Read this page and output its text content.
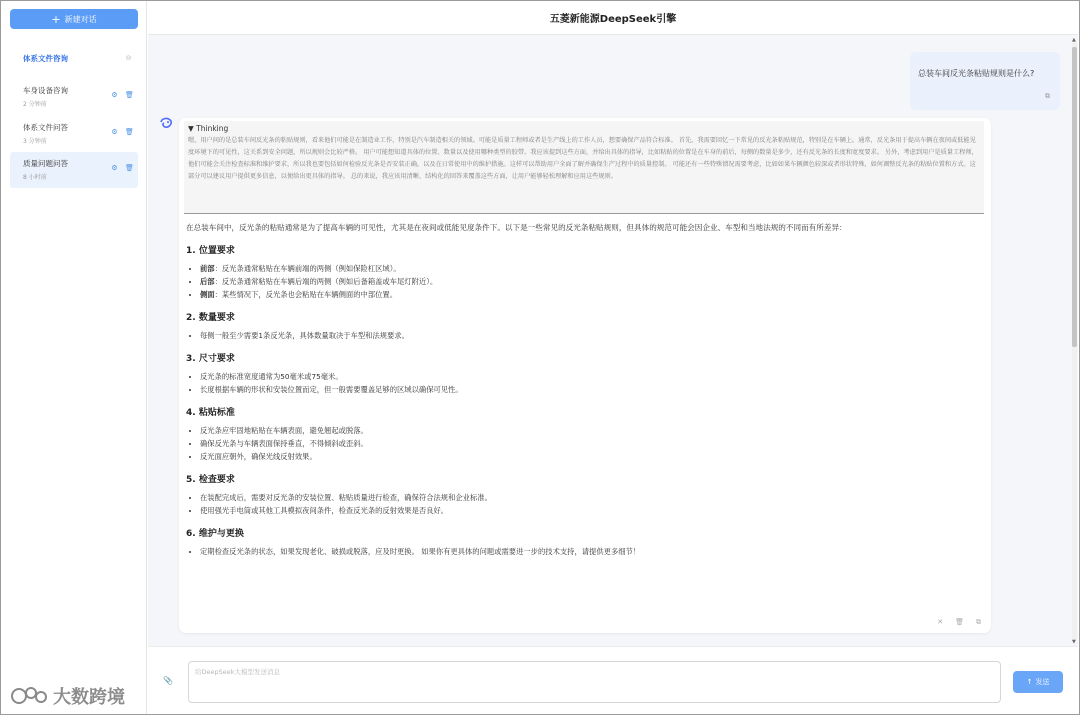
+ 新建对话
体系文件咨询	⊖
车身设备咨询
2 分钟前
⚙ 🗑
体系文件问答
3 分钟前
⚙ 🗑
质量问题问答
8 小时前
⚙ 🗑
大数跨境
五菱新能源DeepSeek引擎
▲
▼
总装车间反光条粘贴规则是什么?
⧉
▼ Thinking
嗯，用户问的是总装车间反光条的粘贴规则，看来他们可能是在制造业工作，特别是汽车制造相关的领域。可能是质量工程师或者是生产线上的工作人员，想要确保产品符合标准。 首先，我需要回忆一下常见的反光条粘贴规范，特别是在车辆上。通常，反光条用于提高车辆在夜间或低能见度环境下的可见性，这关系到安全问题，所以规则会比较严格。 用户可能想知道具体的位置、数量以及使用哪种类型的胶带。我应该提到这些方面，并给出具体的指导，比如粘贴的位置是在车身的前后，每侧的数量是多少，还有反光条的长度和宽度要求。 另外，考虑到用户是质量工程师，他们可能会关注检查标准和维护要求，所以我也要包括如何检验反光条是否安装正确，以及在日常使用中的维护措施。这样可以帮助用户全面了解并确保生产过程中的质量控制。 可能还有一些特殊情况需要考虑，比如如果车辆颜色较深或者形状特殊，如何调整反光条的粘贴位置和方式。这部分可以建议用户提供更多信息，以便给出更具体的指导。 总的来说，我应该用清晰、结构化的回答来覆盖这些方面，让用户能够轻松理解和应用这些规则。
在总装车间中，反光条的粘贴通常是为了提高车辆的可见性，尤其是在夜间或低能见度条件下。以下是一些常见的反光条粘贴规则，但具体的规范可能会因企业、车型和当地法规的不同而有所差异：
1. 位置要求
• 前部：反光条通常粘贴在车辆前端的两侧（例如保险杠区域）。
• 后部：反光条通常粘贴在车辆后端的两侧（例如后备箱盖或车尾灯附近）。
• 侧面：某些情况下，反光条也会粘贴在车辆侧面的中部位置。
2. 数量要求
• 每侧一般至少需要1条反光条，具体数量取决于车型和法规要求。
3. 尺寸要求
• 反光条的标准宽度通常为50毫米或75毫米。
• 长度根据车辆的形状和安装位置而定，但一般需要覆盖足够的区域以确保可见性。
4. 粘贴标准
• 反光条应牢固地粘贴在车辆表面，避免翘起或脱落。
• 确保反光条与车辆表面保持垂直，不得倾斜或歪斜。
• 反光面应朝外，确保光线反射效果。
5. 检查要求
• 在装配完成后，需要对反光条的安装位置、粘贴质量进行检查，确保符合法规和企业标准。
• 使用强光手电筒或其他工具模拟夜间条件，检查反光条的反射效果是否良好。
6. 维护与更换
• 定期检查反光条的状态，如果发现老化、破损或脱落，应及时更换。 如果你有更具体的问题或需要进一步的技术支持，请提供更多细节！
✕ 🗑 ⧉
📎
给DeepSeek大模型发送消息	↑ 发送
